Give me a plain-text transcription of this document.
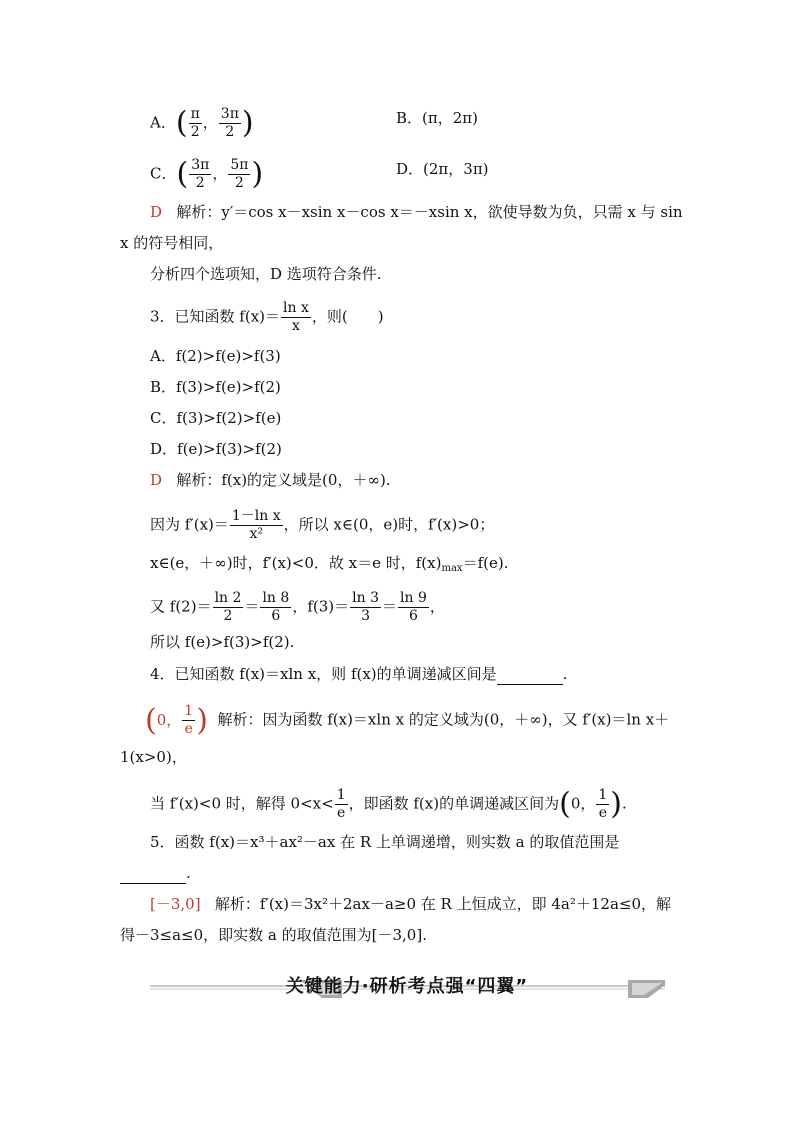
A．( $\frac{\pi}{2}$ ， $\frac{3\pi}{2}$ )	B．(π，2π)
C．( $\frac{3\pi}{2}$ ， $\frac{5\pi}{2}$ )	D．(2π，3π)
D 解析：y′＝cos x－xsin x－cos x＝－xsin x，欲使导数为负，只需 x 与 sin
x 的符号相同，
分析四个选项知，D 选项符合条件.
3．已知函数 $f(x)= \frac{\text{ln x}}{x}$ ，则(　　)
A．f(2)>f(e)>f(3)
B．f(3)>f(e)>f(2)
C．f(3)>f(2)>f(e)
D．f(e)>f(3)>f(2)
D 解析：f(x)的定义域是(0，＋∞).
因为 $f'(x)= \frac{\text{1－ln x}}{\text{x²}}$ ，所以 x∈(0，e)时，f′(x)>0；
x∈(e，＋∞)时，f′(x)<0．故 x＝e 时，$f(x)_{max}=f(e)$.
又 $f(2)= \frac{\ln 2}{2} = \frac{\ln 8}{6}$ ，$f(3)= \frac{\ln 3}{3} = \frac{\ln 9}{6}$ ，
所以 f(e)>f(3)>f(2).
4．已知函数 f(x)＝xln x，则 f(x)的单调递减区间是	.
(0， $\frac{1}{e}$ ) 解析：因为函数 f(x)＝xln x 的定义域为(0，＋∞)，又 f′(x)＝ln x＋
1(x>0)，
当 f′(x)<0 时，解得 $0<x< \frac{1}{e}$ ，即函数 f(x)的单调递减区间为(0， $\frac{1}{e}$ ).
5．函数 f(x)＝x³＋ax²－ax 在 R 上单调递增，则实数 a 的取值范围是
.
[－3,0] 解析：f′(x)＝3x²＋2ax－a≥0 在 R 上恒成立，即 4a²＋12a≤0，解
得－3≤a≤0，即实数 a 的取值范围为[－3,0].
关键能力·研析考点强“四翼”
